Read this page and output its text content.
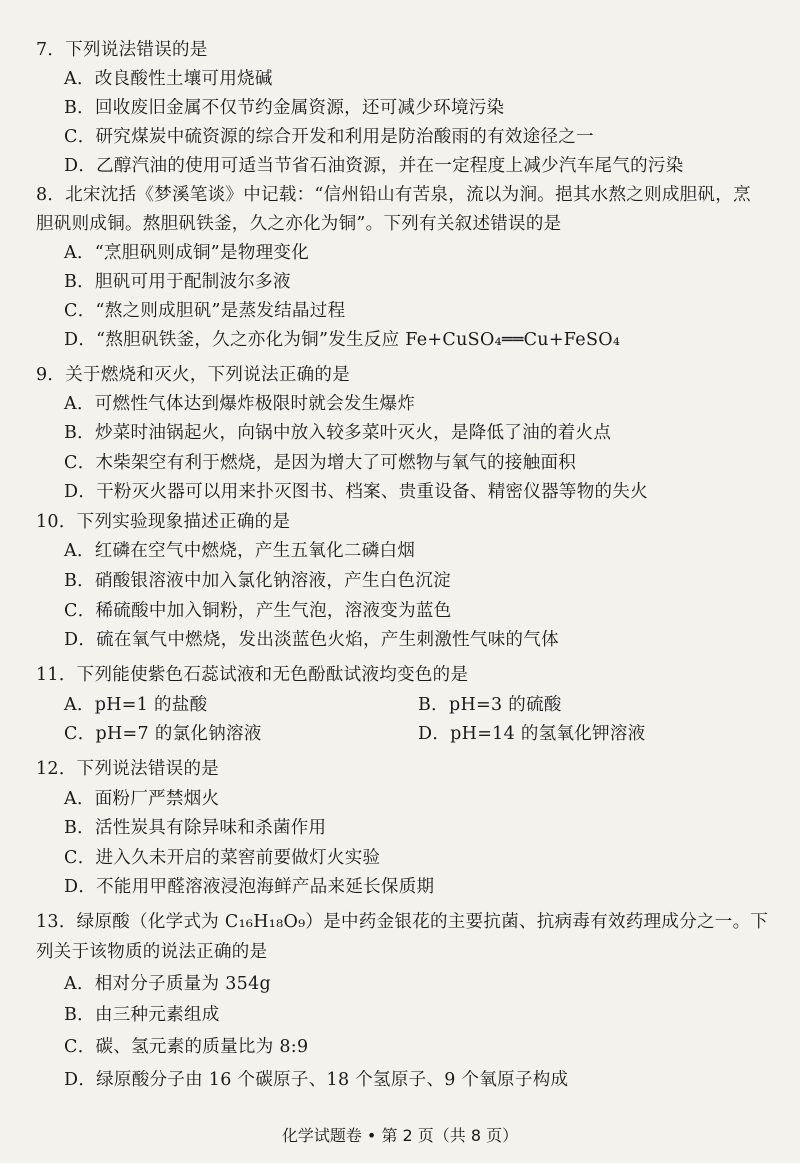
7．下列说法错误的是
A．改良酸性土壤可用烧碱
B．回收废旧金属不仅节约金属资源，还可减少环境污染
C．研究煤炭中硫资源的综合开发和利用是防治酸雨的有效途径之一
D．乙醇汽油的使用可适当节省石油资源，并在一定程度上减少汽车尾气的污染
8．北宋沈括《梦溪笔谈》中记载：“信州铅山有苦泉，流以为涧。挹其水熬之则成胆矾，烹
胆矾则成铜。熬胆矾铁釜，久之亦化为铜”。下列有关叙述错误的是
A．“烹胆矾则成铜”是物理变化
B．胆矾可用于配制波尔多液
C．“熬之则成胆矾”是蒸发结晶过程
D．“熬胆矾铁釜，久之亦化为铜”发生反应 Fe+CuSO₄══Cu+FeSO₄
9．关于燃烧和灭火，下列说法正确的是
A．可燃性气体达到爆炸极限时就会发生爆炸
B．炒菜时油锅起火，向锅中放入较多菜叶灭火，是降低了油的着火点
C．木柴架空有利于燃烧，是因为增大了可燃物与氧气的接触面积
D．干粉灭火器可以用来扑灭图书、档案、贵重设备、精密仪器等物的失火
10．下列实验现象描述正确的是
A．红磷在空气中燃烧，产生五氧化二磷白烟
B．硝酸银溶液中加入氯化钠溶液，产生白色沉淀
C．稀硫酸中加入铜粉，产生气泡，溶液变为蓝色
D．硫在氧气中燃烧，发出淡蓝色火焰，产生刺激性气味的气体
11．下列能使紫色石蕊试液和无色酚酞试液均变色的是
A．pH=1 的盐酸	B．pH=3 的硫酸
C．pH=7 的氯化钠溶液	D．pH=14 的氢氧化钾溶液
12．下列说法错误的是
A．面粉厂严禁烟火
B．活性炭具有除异味和杀菌作用
C．进入久未开启的菜窖前要做灯火实验
D．不能用甲醛溶液浸泡海鲜产品来延长保质期
13．绿原酸（化学式为 C₁₆H₁₈O₉）是中药金银花的主要抗菌、抗病毒有效药理成分之一。下
列关于该物质的说法正确的是
A．相对分子质量为 354g
B．由三种元素组成
C．碳、氢元素的质量比为 8:9
D．绿原酸分子由 16 个碳原子、18 个氢原子、9 个氧原子构成
化学试题卷 • 第 2 页（共 8 页）
